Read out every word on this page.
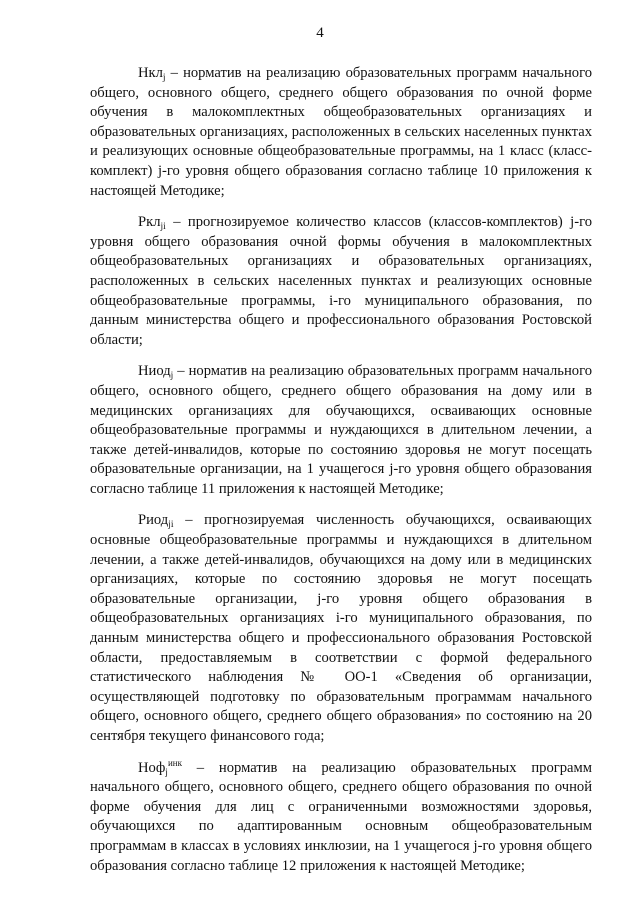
4

Нкл$_j$ – норматив на реализацию образовательных программ начального общего, основного общего, среднего общего образования по очной форме обучения в малокомплектных общеобразовательных организациях и образовательных организациях, расположенных в сельских населенных пунктах и реализующих основные общеобразовательные программы, на 1 класс (класс-комплект) j-го уровня общего образования согласно таблице 10 приложения к настоящей Методике;

Ркл$_{ji}$ – прогнозируемое количество классов (классов-комплектов) j-го уровня общего образования очной формы обучения в малокомплектных общеобразовательных организациях и образовательных организациях, расположенных в сельских населенных пунктах и реализующих основные общеобразовательные программы, i-го муниципального образования, по данным министерства общего и профессионального образования Ростовской области;

Ниод$_j$ – норматив на реализацию образовательных программ начального общего, основного общего, среднего общего образования на дому или в медицинских организациях для обучающихся, осваивающих основные общеобразовательные программы и нуждающихся в длительном лечении, а также детей-инвалидов, которые по состоянию здоровья не могут посещать образовательные организации, на 1 учащегося j-го уровня общего образования согласно таблице 11 приложения к настоящей Методике;

Риод$_{ji}$ – прогнозируемая численность обучающихся, осваивающих основные общеобразовательные программы и нуждающихся в длительном лечении, а также детей-инвалидов, обучающихся на дому или в медицинских организациях, которые по состоянию здоровья не могут посещать образовательные организации, j-го уровня общего образования в общеобразовательных организациях i-го муниципального образования, по данным министерства общего и профессионального образования Ростовской области, предоставляемым в соответствии с формой федерального статистического наблюдения № ОО-1 «Сведения об организации, осуществляющей подготовку по образовательным программам начального общего, основного общего, среднего общего образования» по состоянию на 20 сентября текущего финансового года;

Ноф$_j^{инк}$ – норматив на реализацию образовательных программ начального общего, основного общего, среднего общего образования по очной форме обучения для лиц с ограниченными возможностями здоровья, обучающихся по адаптированным основным общеобразовательным программам в классах в условиях инклюзии, на 1 учащегося j-го уровня общего образования согласно таблице 12 приложения к настоящей Методике;
